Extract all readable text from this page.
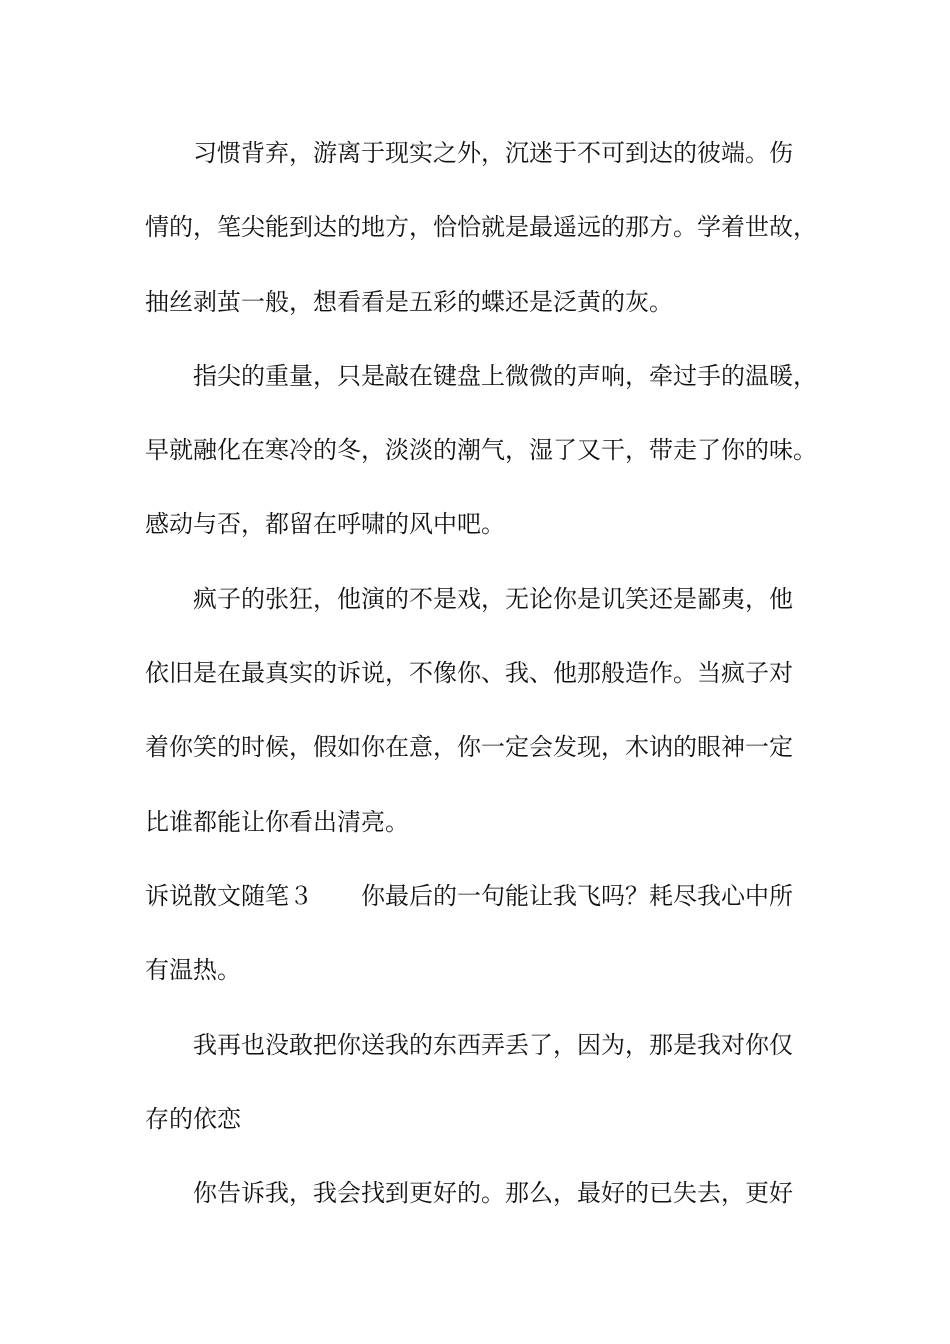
习惯背弃，游离于现实之外，沉迷于不可到达的彼端。伤
情的，笔尖能到达的地方，恰恰就是最遥远的那方。学着世故，
抽丝剥茧一般，想看看是五彩的蝶还是泛黄的灰。
指尖的重量，只是敲在键盘上微微的声响，牵过手的温暖，
早就融化在寒冷的冬，淡淡的潮气，湿了又干，带走了你的味。
感动与否，都留在呼啸的风中吧。
疯子的张狂，他演的不是戏，无论你是讥笑还是鄙夷，他
依旧是在最真实的诉说，不像你、我、他那般造作。当疯子对
着你笑的时候，假如你在意，你一定会发现，木讷的眼神一定
比谁都能让你看出清亮。
诉说散文随笔３ 你最后的一句能让我飞吗？耗尽我心中所
有温热。
我再也没敢把你送我的东西弄丢了，因为，那是我对你仅
存的依恋
你告诉我，我会找到更好的。那么，最好的已失去，更好
